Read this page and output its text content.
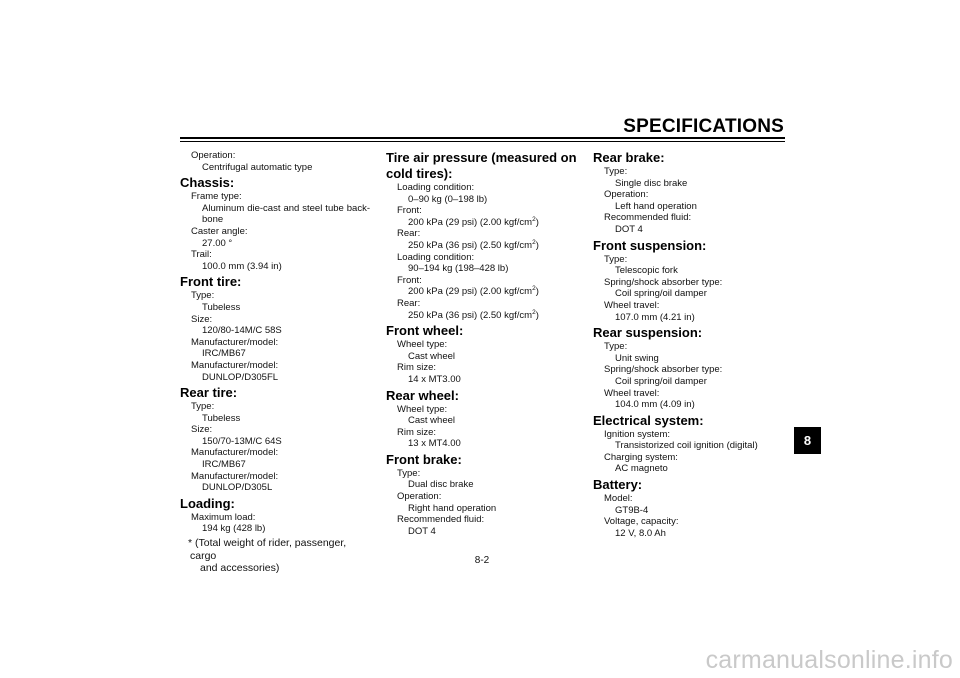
SPECIFICATIONS
Operation:
Centrifugal automatic type
Chassis:
Frame type:
Aluminum die-cast and steel tube back-bone
Caster angle:
27.00 °
Trail:
100.0 mm (3.94 in)
Front tire:
Type:
Tubeless
Size:
120/80-14M/C 58S
Manufacturer/model:
IRC/MB67
Manufacturer/model:
DUNLOP/D305FL
Rear tire:
Type:
Tubeless
Size:
150/70-13M/C 64S
Manufacturer/model:
IRC/MB67
Manufacturer/model:
DUNLOP/D305L
Loading:
Maximum load:
194 kg (428 lb)
* (Total weight of rider, passenger, cargo
and accessories)
Tire air pressure (measured on cold tires):
Loading condition:
0–90 kg (0–198 lb)
Front:
200 kPa (29 psi) (2.00 kgf/$cm^2$)
Rear:
250 kPa (36 psi) (2.50 kgf/$cm^2$)
Loading condition:
90–194 kg (198–428 lb)
Front:
200 kPa (29 psi) (2.00 kgf/$cm^2$)
Rear:
250 kPa (36 psi) (2.50 kgf/$cm^2$)
Front wheel:
Wheel type:
Cast wheel
Rim size:
14 x MT3.00
Rear wheel:
Wheel type:
Cast wheel
Rim size:
13 x MT4.00
Front brake:
Type:
Dual disc brake
Operation:
Right hand operation
Recommended fluid:
DOT 4
Rear brake:
Type:
Single disc brake
Operation:
Left hand operation
Recommended fluid:
DOT 4
Front suspension:
Type:
Telescopic fork
Spring/shock absorber type:
Coil spring/oil damper
Wheel travel:
107.0 mm (4.21 in)
Rear suspension:
Type:
Unit swing
Spring/shock absorber type:
Coil spring/oil damper
Wheel travel:
104.0 mm (4.09 in)
Electrical system:
Ignition system:
Transistorized coil ignition (digital)
Charging system:
AC magneto
Battery:
Model:
GT9B-4
Voltage, capacity:
12 V, 8.0 Ah
8-2
8
carmanualsonline.info
